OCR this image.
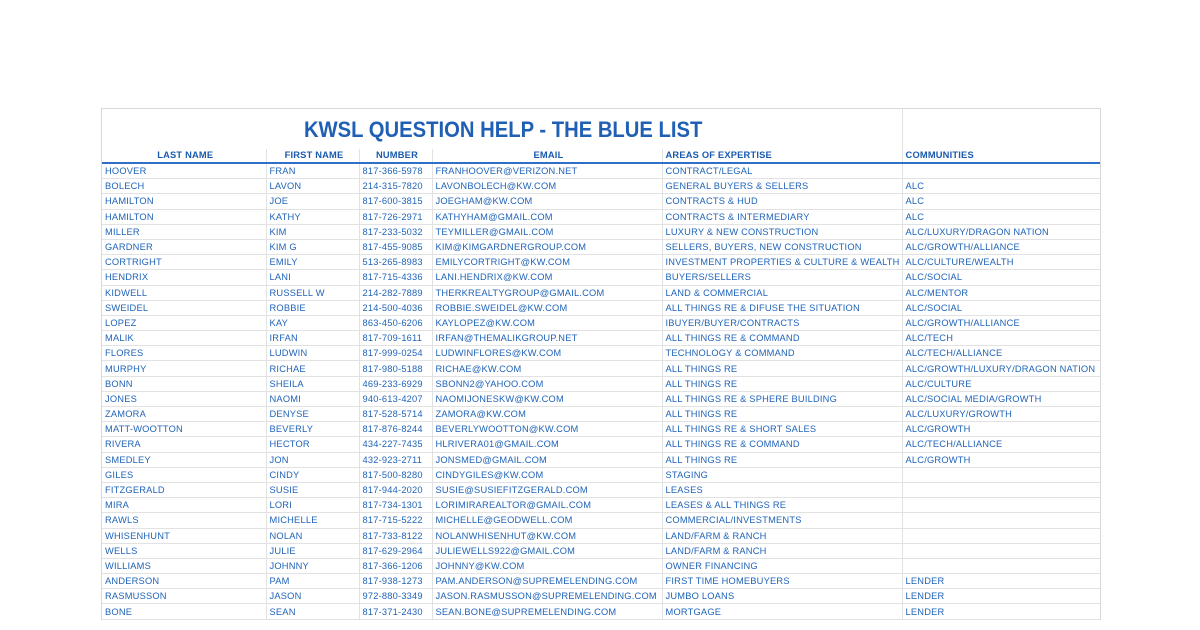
KWSL QUESTION HELP - THE BLUE LIST					
LAST NAME	FIRST NAME	NUMBER	EMAIL	AREAS OF EXPERTISE	COMMUNITIES
HOOVER	FRAN	817-366-5978	FRANHOOVER@VERIZON.NET	CONTRACT/LEGAL	
BOLECH	LAVON	214-315-7820	LAVONBOLECH@KW.COM	GENERAL BUYERS & SELLERS	ALC
HAMILTON	JOE	817-600-3815	JOEGHAM@KW.COM	CONTRACTS & HUD	ALC
HAMILTON	KATHY	817-726-2971	KATHYHAM@GMAIL.COM	CONTRACTS & INTERMEDIARY	ALC
MILLER	KIM	817-233-5032	TEYMILLER@GMAIL.COM	LUXURY & NEW CONSTRUCTION	ALC/LUXURY/DRAGON NATION
GARDNER	KIM G	817-455-9085	KIM@KIMGARDNERGROUP.COM	SELLERS, BUYERS, NEW CONSTRUCTION	ALC/GROWTH/ALLIANCE
CORTRIGHT	EMILY	513-265-8983	EMILYCORTRIGHT@KW.COM	INVESTMENT PROPERTIES & CULTURE & WEALTH	ALC/CULTURE/WEALTH
HENDRIX	LANI	817-715-4336	LANI.HENDRIX@KW.COM	BUYERS/SELLERS	ALC/SOCIAL
KIDWELL	RUSSELL W	214-282-7889	THERKREALTYGROUP@GMAIL.COM	LAND & COMMERCIAL	ALC/MENTOR
SWEIDEL	ROBBIE	214-500-4036	ROBBIE.SWEIDEL@KW.COM	ALL THINGS RE & DIFUSE THE SITUATION	ALC/SOCIAL
LOPEZ	KAY	863-450-6206	KAYLOPEZ@KW.COM	IBUYER/BUYER/CONTRACTS	ALC/GROWTH/ALLIANCE
MALIK	IRFAN	817-709-1611	IRFAN@THEMALIKGROUP.NET	ALL THINGS RE & COMMAND	ALC/TECH
FLORES	LUDWIN	817-999-0254	LUDWINFLORES@KW.COM	TECHNOLOGY & COMMAND	ALC/TECH/ALLIANCE
MURPHY	RICHAE	817-980-5188	RICHAE@KW.COM	ALL THINGS RE	ALC/GROWTH/LUXURY/DRAGON NATION
BONN	SHEILA	469-233-6929	SBONN2@YAHOO.COM	ALL THINGS RE	ALC/CULTURE
JONES	NAOMI	940-613-4207	NAOMIJONESKW@KW.COM	ALL THINGS RE & SPHERE BUILDING	ALC/SOCIAL MEDIA/GROWTH
ZAMORA	DENYSE	817-528-5714	ZAMORA@KW.COM	ALL THINGS RE	ALC/LUXURY/GROWTH
MATT-WOOTTON	BEVERLY	817-876-8244	BEVERLYWOOTTON@KW.COM	ALL THINGS RE & SHORT SALES	ALC/GROWTH
RIVERA	HECTOR	434-227-7435	HLRIVERA01@GMAIL.COM	ALL THINGS RE & COMMAND	ALC/TECH/ALLIANCE
SMEDLEY	JON	432-923-2711	JONSMED@GMAIL.COM	ALL THINGS RE	ALC/GROWTH
GILES	CINDY	817-500-8280	CINDYGILES@KW.COM	STAGING	
FITZGERALD	SUSIE	817-944-2020	SUSIE@SUSIEFITZGERALD.COM	LEASES	
MIRA	LORI	817-734-1301	LORIMIRAREALTOR@GMAIL.COM	LEASES & ALL THINGS RE	
RAWLS	MICHELLE	817-715-5222	MICHELLE@GEODWELL.COM	COMMERCIAL/INVESTMENTS	
WHISENHUNT	NOLAN	817-733-8122	NOLANWHISENHUT@KW.COM	LAND/FARM & RANCH	
WELLS	JULIE	817-629-2964	JULIEWELLS922@GMAIL.COM	LAND/FARM & RANCH	
WILLIAMS	JOHNNY	817-366-1206	JOHNNY@KW.COM	OWNER FINANCING	
ANDERSON	PAM	817-938-1273	PAM.ANDERSON@SUPREMELENDING.COM	FIRST TIME HOMEBUYERS	LENDER
RASMUSSON	JASON	972-880-3349	JASON.RASMUSSON@SUPREMELENDING.COM	JUMBO LOANS	LENDER
BONE	SEAN	817-371-2430	SEAN.BONE@SUPREMELENDING.COM	MORTGAGE	LENDER
